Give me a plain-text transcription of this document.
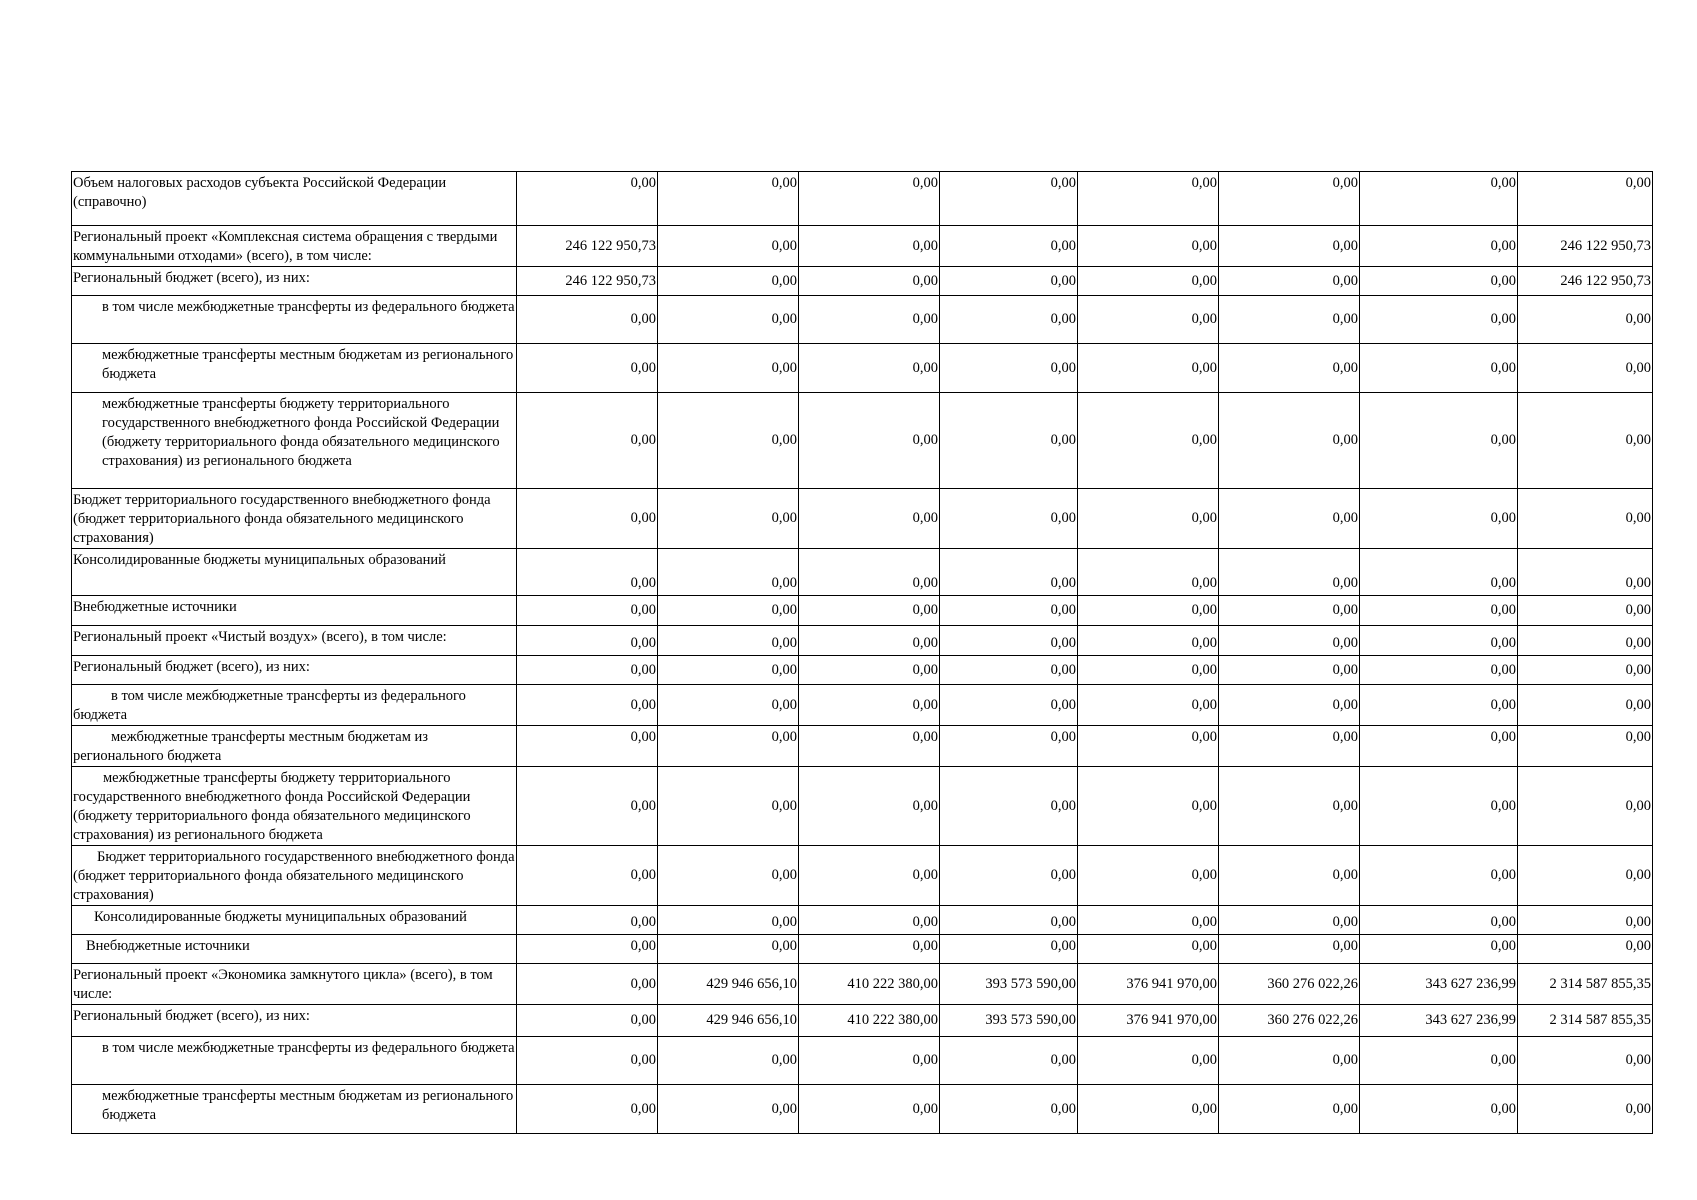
Объем налоговых расходов субъекта Российской Федерации (справочно)	0,00	0,00	0,00	0,00	0,00	0,00	0,00	0,00
Региональный проект «Комплексная система обращения с твердыми коммунальными отходами» (всего), в том числе:	246 122 950,73	0,00	0,00	0,00	0,00	0,00	0,00	246 122 950,73
Региональный бюджет (всего), из них:	246 122 950,73	0,00	0,00	0,00	0,00	0,00	0,00	246 122 950,73
в том числе межбюджетные трансферты из федерального бюджета	0,00	0,00	0,00	0,00	0,00	0,00	0,00	0,00
межбюджетные трансферты местным бюджетам из регионального бюджета	0,00	0,00	0,00	0,00	0,00	0,00	0,00	0,00
межбюджетные трансферты бюджету территориального государственного внебюджетного фонда Российской Федерации (бюджету территориального фонда обязательного медицинского страхования) из регионального бюджета	0,00	0,00	0,00	0,00	0,00	0,00	0,00	0,00
Бюджет территориального государственного внебюджетного фонда (бюджет территориального фонда обязательного медицинского страхования)	0,00	0,00	0,00	0,00	0,00	0,00	0,00	0,00
Консолидированные бюджеты муниципальных образований	0,00	0,00	0,00	0,00	0,00	0,00	0,00	0,00
Внебюджетные источники	0,00	0,00	0,00	0,00	0,00	0,00	0,00	0,00
Региональный проект «Чистый воздух» (всего), в том числе:	0,00	0,00	0,00	0,00	0,00	0,00	0,00	0,00
Региональный бюджет (всего), из них:	0,00	0,00	0,00	0,00	0,00	0,00	0,00	0,00
в том числе межбюджетные трансферты из федерального бюджета	0,00	0,00	0,00	0,00	0,00	0,00	0,00	0,00
межбюджетные трансферты местным бюджетам из регионального бюджета	0,00	0,00	0,00	0,00	0,00	0,00	0,00	0,00
межбюджетные трансферты бюджету территориального государственного внебюджетного фонда Российской Федерации (бюджету территориального фонда обязательного медицинского страхования) из регионального бюджета	0,00	0,00	0,00	0,00	0,00	0,00	0,00	0,00
Бюджет территориального государственного внебюджетного фонда (бюджет территориального фонда обязательного медицинского страхования)	0,00	0,00	0,00	0,00	0,00	0,00	0,00	0,00
Консолидированные бюджеты муниципальных образований	0,00	0,00	0,00	0,00	0,00	0,00	0,00	0,00
Внебюджетные источники	0,00	0,00	0,00	0,00	0,00	0,00	0,00	0,00
Региональный проект «Экономика замкнутого цикла» (всего), в том числе:	0,00	429 946 656,10	410 222 380,00	393 573 590,00	376 941 970,00	360 276 022,26	343 627 236,99	2 314 587 855,35
Региональный бюджет (всего), из них:	0,00	429 946 656,10	410 222 380,00	393 573 590,00	376 941 970,00	360 276 022,26	343 627 236,99	2 314 587 855,35
в том числе межбюджетные трансферты из федерального бюджета	0,00	0,00	0,00	0,00	0,00	0,00	0,00	0,00
межбюджетные трансферты местным бюджетам из регионального бюджета	0,00	0,00	0,00	0,00	0,00	0,00	0,00	0,00
